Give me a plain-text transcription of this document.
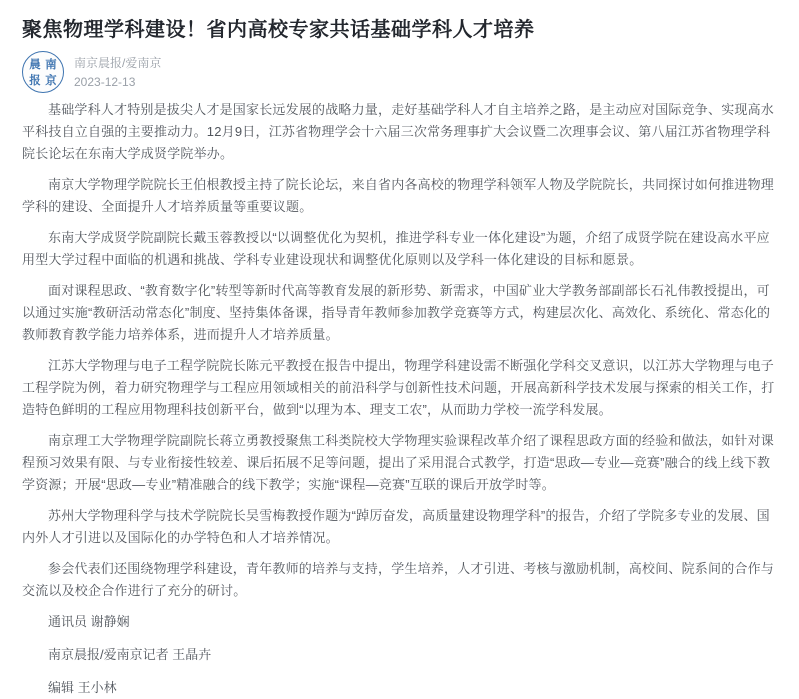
聚焦物理学科建设！省内高校专家共话基础学科人才培养
晨 南
报 京
南京晨报/爱南京
2023-12-13

基础学科人才特别是拔尖人才是国家长远发展的战略力量，走好基础学科人才自主培养之路，是主动应对国际竞争、实现高水平科技自立自强的主要推动力。12月9日，江苏省物理学会十六届三次常务理事扩大会议暨二次理事会议、第八届江苏省物理学科院长论坛在东南大学成贤学院举办。

南京大学物理学院院长王伯根教授主持了院长论坛，来自省内各高校的物理学科领军人物及学院院长，共同探讨如何推进物理学科的建设、全面提升人才培养质量等重要议题。

东南大学成贤学院副院长戴玉蓉教授以“以调整优化为契机，推进学科专业一体化建设”为题，介绍了成贤学院在建设高水平应用型大学过程中面临的机遇和挑战、学科专业建设现状和调整优化原则以及学科一体化建设的目标和愿景。

面对课程思政、“教育数字化”转型等新时代高等教育发展的新形势、新需求，中国矿业大学教务部副部长石礼伟教授提出，可以通过实施“教研活动常态化”制度、坚持集体备课，指导青年教师参加教学竞赛等方式，构建层次化、高效化、系统化、常态化的教师教育教学能力培养体系，进而提升人才培养质量。

江苏大学物理与电子工程学院院长陈元平教授在报告中提出，物理学科建设需不断强化学科交叉意识，以江苏大学物理与电子工程学院为例，着力研究物理学与工程应用领域相关的前沿科学与创新性技术问题，开展高新科学技术发展与探索的相关工作，打造特色鲜明的工程应用物理科技创新平台，做到“以理为本、理支工农”，从而助力学校一流学科发展。

南京理工大学物理学院副院长蒋立勇教授聚焦工科类院校大学物理实验课程改革介绍了课程思政方面的经验和做法，如针对课程预习效果有限、与专业衔接性较差、课后拓展不足等问题，提出了采用混合式教学，打造“思政—专业—竞赛”融合的线上线下教学资源；开展“思政—专业”精准融合的线下教学；实施“课程—竞赛”互联的课后开放学时等。

苏州大学物理科学与技术学院院长吴雪梅教授作题为“踔厉奋发，高质量建设物理学科”的报告，介绍了学院多专业的发展、国内外人才引进以及国际化的办学特色和人才培养情况。

参会代表们还围绕物理学科建设，青年教师的培养与支持，学生培养，人才引进、考核与激励机制，高校间、院系间的合作与交流以及校企合作进行了充分的研讨。

通讯员 谢静娴

南京晨报/爱南京记者 王晶卉

编辑 王小林
